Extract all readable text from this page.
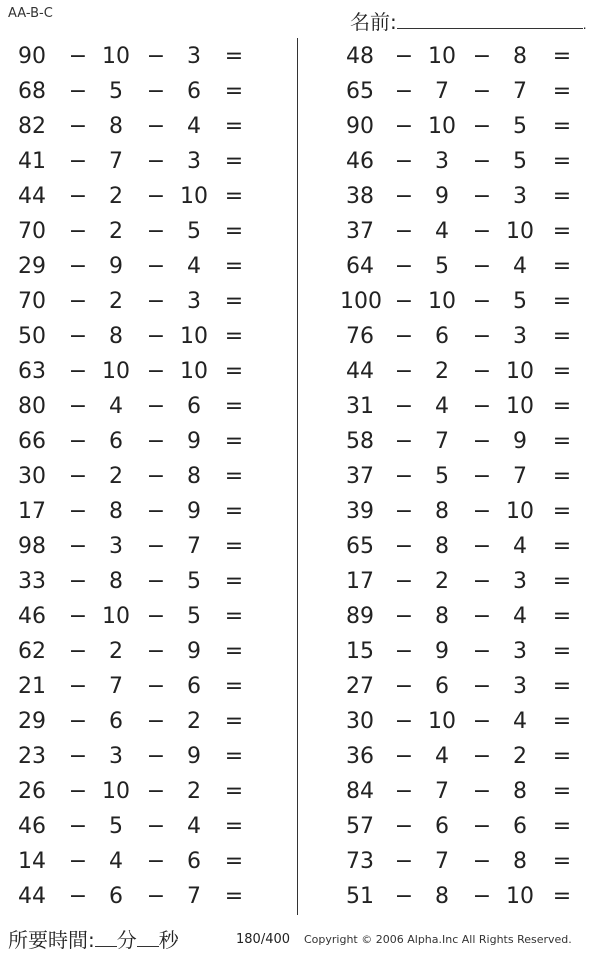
AA-B-C	名前:	.
90	− 10 − 3	=
68	− 5	− 6	=
82	− 8	− 4	=
41	− 7	− 3	=
44	− 2	− 10 =
70	− 2	− 5	=
29	− 9	− 4	=
70	− 2	− 3	=
50	− 8	− 10 =
63	− 10 − 10 =
80	− 4	− 6	=
66	− 6	− 9	=
30	− 2	− 8	=
17	− 8	− 9	=
98	− 3	− 7	=
33	− 8	− 5	=
46	− 10 − 5	=
62	− 2	− 9	=
21	− 7	− 6	=
29	− 6	− 2	=
23	− 3	− 9	=
26	− 10 − 2	=
46	− 5	− 4	=
14	− 4	− 6	=
44	− 6	− 7	=
48 − 10 − 8	=
65 − 7	− 7	=
90 − 10 − 5	=
46 − 3	− 5	=
38 − 9	− 3	=
37 − 4	− 10 =
64 − 5	− 4	=
100 − 10 − 5	=
76 − 6	− 3	=
44 − 2	− 10 =
31 − 4	− 10 =
58 − 7	− 9	=
37 − 5	− 7	=
39 − 8	− 10 =
65 − 8	− 4	=
17 − 2	− 3	=
89 − 8	− 4	=
15 − 9	− 3	=
27 − 6	− 3	=
30 − 10 − 4	=
36 − 4	− 2	=
84 − 7	− 8	=
57 − 6	− 6	=
73 − 7	− 8	=
51 − 8	− 10 =
所要時間: 分 秒	180/400 Copyright © 2006 Alpha.Inc All Rights Reserved.
